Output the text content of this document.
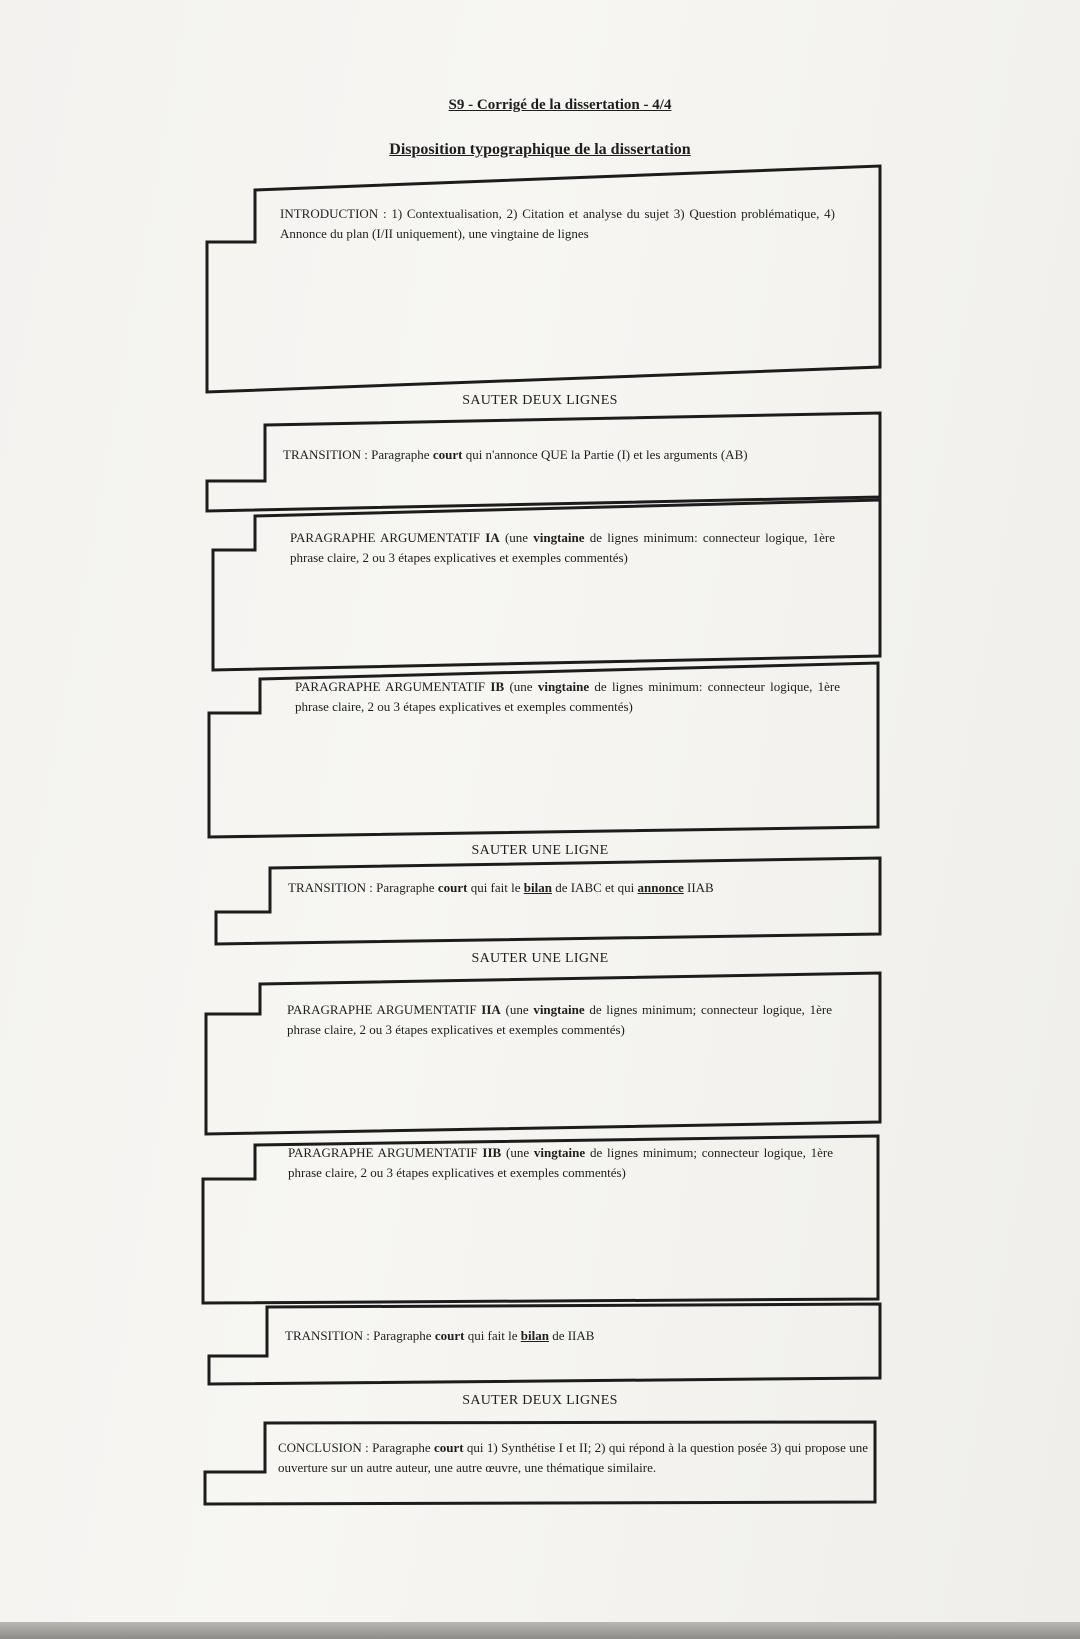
S9 - Corrigé de la dissertation - 4/4
Disposition typographique de la dissertation

INTRODUCTION : 1) Contextualisation, 2) Citation et analyse du sujet 3) Question problématique, 4) Annonce du plan (I/II uniquement), une vingtaine de lignes

SAUTER DEUX LIGNES

TRANSITION : Paragraphe court qui n'annonce QUE la Partie (I) et les arguments (AB)

PARAGRAPHE ARGUMENTATIF IA (une vingtaine de lignes minimum: connecteur logique, 1ère phrase claire, 2 ou 3 étapes explicatives et exemples commentés)

PARAGRAPHE ARGUMENTATIF IB (une vingtaine de lignes minimum: connecteur logique, 1ère phrase claire, 2 ou 3 étapes explicatives et exemples commentés)

SAUTER UNE LIGNE

TRANSITION : Paragraphe court qui fait le bilan de IABC et qui annonce IIAB

SAUTER UNE LIGNE

PARAGRAPHE ARGUMENTATIF IIA (une vingtaine de lignes minimum; connecteur logique, 1ère phrase claire, 2 ou 3 étapes explicatives et exemples commentés)

PARAGRAPHE ARGUMENTATIF IIB (une vingtaine de lignes minimum; connecteur logique, 1ère phrase claire, 2 ou 3 étapes explicatives et exemples commentés)

TRANSITION : Paragraphe court qui fait le bilan de IIAB

SAUTER DEUX LIGNES

CONCLUSION : Paragraphe court qui 1) Synthétise I et II; 2) qui répond à la question posée 3) qui propose une ouverture sur un autre auteur, une autre œuvre, une thématique similaire.
